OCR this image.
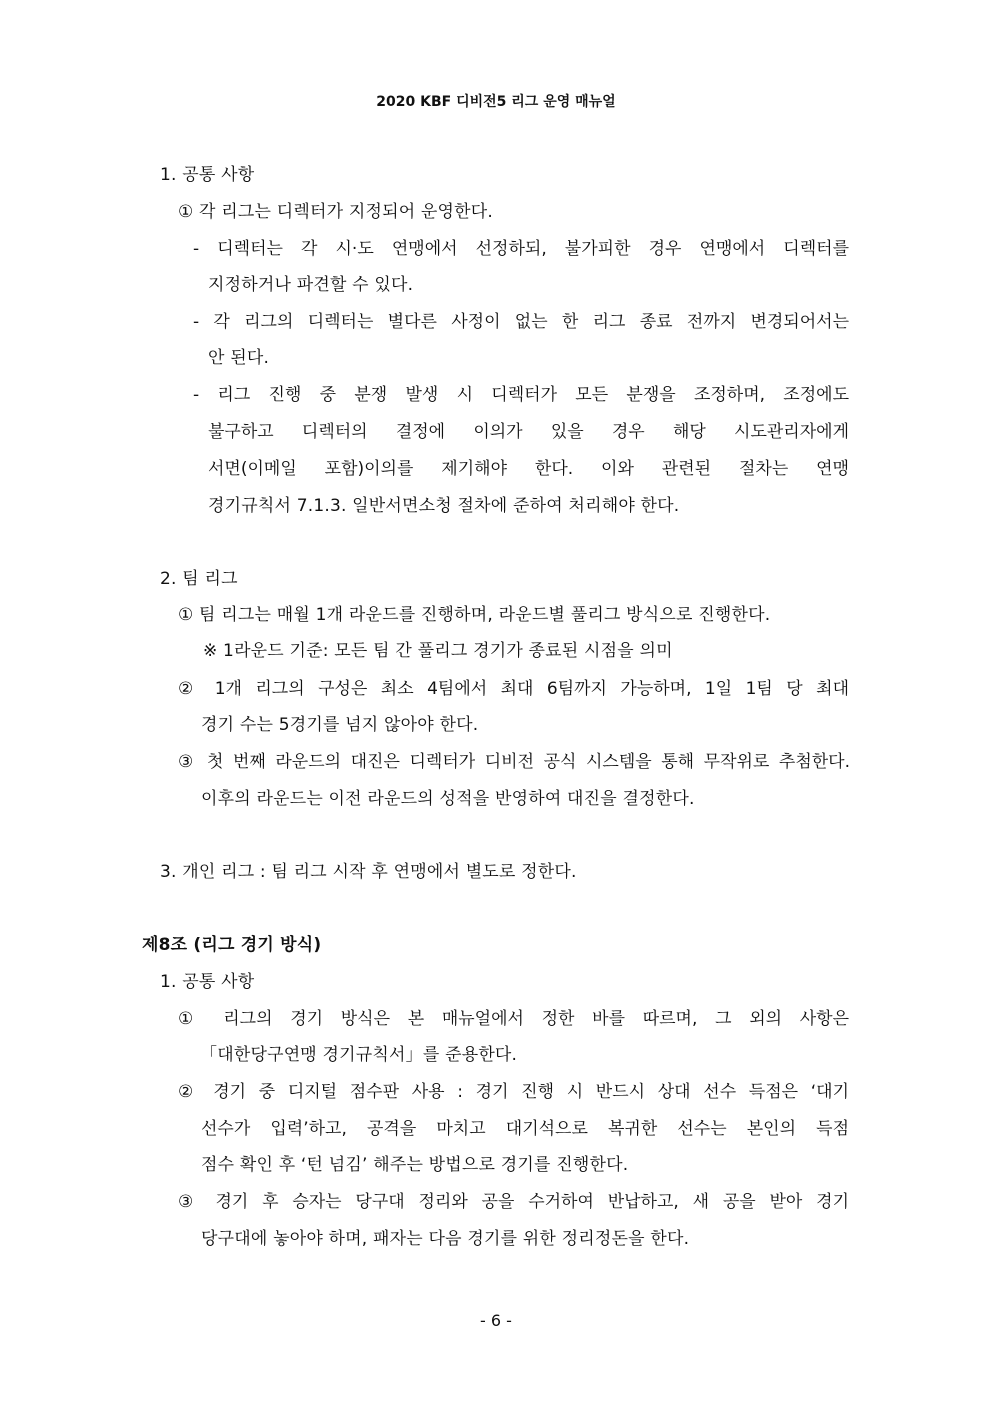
2020 KBF 디비전5 리그 운영 매뉴얼
1. 공통 사항
① 각 리그는 디렉터가 지정되어 운영한다.
- 디렉터는 각 시·도 연맹에서 선정하되, 불가피한 경우 연맹에서 디렉터를
지정하거나 파견할 수 있다.
- 각 리그의 디렉터는 별다른 사정이 없는 한 리그 종료 전까지 변경되어서는
안 된다.
- 리그 진행 중 분쟁 발생 시 디렉터가 모든 분쟁을 조정하며, 조정에도
불구하고 디렉터의 결정에 이의가 있을 경우 해당 시도관리자에게
서면(이메일 포함)이의를 제기해야 한다. 이와 관련된 절차는 연맹
경기규칙서 7.1.3. 일반서면소청 절차에 준하여 처리해야 한다.
2. 팀 리그
① 팀 리그는 매월 1개 라운드를 진행하며, 라운드별 풀리그 방식으로 진행한다.
※ 1라운드 기준: 모든 팀 간 풀리그 경기가 종료된 시점을 의미
② 1개 리그의 구성은 최소 4팀에서 최대 6팀까지 가능하며, 1일 1팀 당 최대
경기 수는 5경기를 넘지 않아야 한다.
③ 첫 번째 라운드의 대진은 디렉터가 디비전 공식 시스템을 통해 무작위로 추첨한다.
이후의 라운드는 이전 라운드의 성적을 반영하여 대진을 결정한다.
3. 개인 리그 : 팀 리그 시작 후 연맹에서 별도로 정한다.
제8조 (리그 경기 방식)
1. 공통 사항
① 리그의 경기 방식은 본 매뉴얼에서 정한 바를 따르며, 그 외의 사항은
「대한당구연맹 경기규칙서」를 준용한다.
② 경기 중 디지털 점수판 사용 : 경기 진행 시 반드시 상대 선수 득점은 ‘대기
선수가 입력’하고, 공격을 마치고 대기석으로 복귀한 선수는 본인의 득점
점수 확인 후 ‘턴 넘김’ 해주는 방법으로 경기를 진행한다.
③ 경기 후 승자는 당구대 정리와 공을 수거하여 반납하고, 새 공을 받아 경기
당구대에 놓아야 하며, 패자는 다음 경기를 위한 정리정돈을 한다.
- 6 -
